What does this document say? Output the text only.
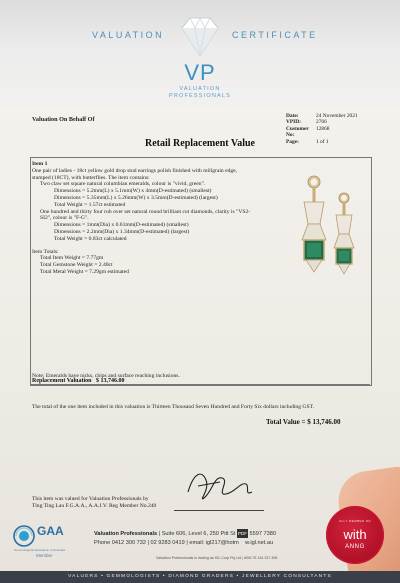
VALUATION	CERTIFICATE
VP
VALUATION
PROFESSIONALS
Valuation On Behalf Of	Date:	24 November 2021
VPID:	2766
Customer No:
12868
Page:	1 of 1
Retail Replacement Value
Item 1
One pair of ladies - 18ct yellow gold drop stud earrings polish finished with millgrain edge,
stamped (18CT), with butterflies. The item contains:
Two claw set square natural columbian emeralds, colour is "vivid, green".
Dimensions = 5.2mm(L) x 5.1mm(W) x 4mm(D-estimated) (smallest)
Dimensions = 5.35mm(L) x 5.26mm(W) x 3.5mm(D-estimated) (largest)
Total Weight = 1.57ct estimated
One hundred and thirty four rub over set natural round brilliant cut diamonds, clarity is "VS2-
SI2", colour is "F-G".
Dimensions = 1mm(Dia) x 0.61mm(D-estimated) (smallest)
Dimensions = 2.2mm(Dia) x 1.34mm(D-estimated) (largest)
Total Weight = 0.83ct calculated
Item Totals:
Total Item Weight = 7.77gm
Total Gemstone Weight = 2.40ct
Total Metal Weight = 7.29gm estimated
Note: Emeralds have nicks, chips and surface reaching inclusions.
Replacement Valuation $ 13,746.00
The total of the one item included in this valuation is Thirteen Thousand Seven Hundred and Forty Six dollars including GST.
Total Value = $ 13,746.00
This item was valued for Valuation Professionals by
Ting Ting Lau F.G.A.A., A.A.J.V. Reg Member No.240
GAA
Gemmological Association of Australia
Member
Valuation Professionals | Suite 606, Level 6, 250 Pitt St PDF 5597 7380
Phone 0412 300 732 | 02 9283 0419 | email: igl217@hotm w.igl.net.au
Valuation Professionals is trading as IGL Corp Pty Ltd | ABN 75 134 337 496
ALLY MEMBER NO
with
ANNG
VALUERS • GEMMOLOGISTS • DIAMOND GRADERS • JEWELLERY CONSULTANTS
